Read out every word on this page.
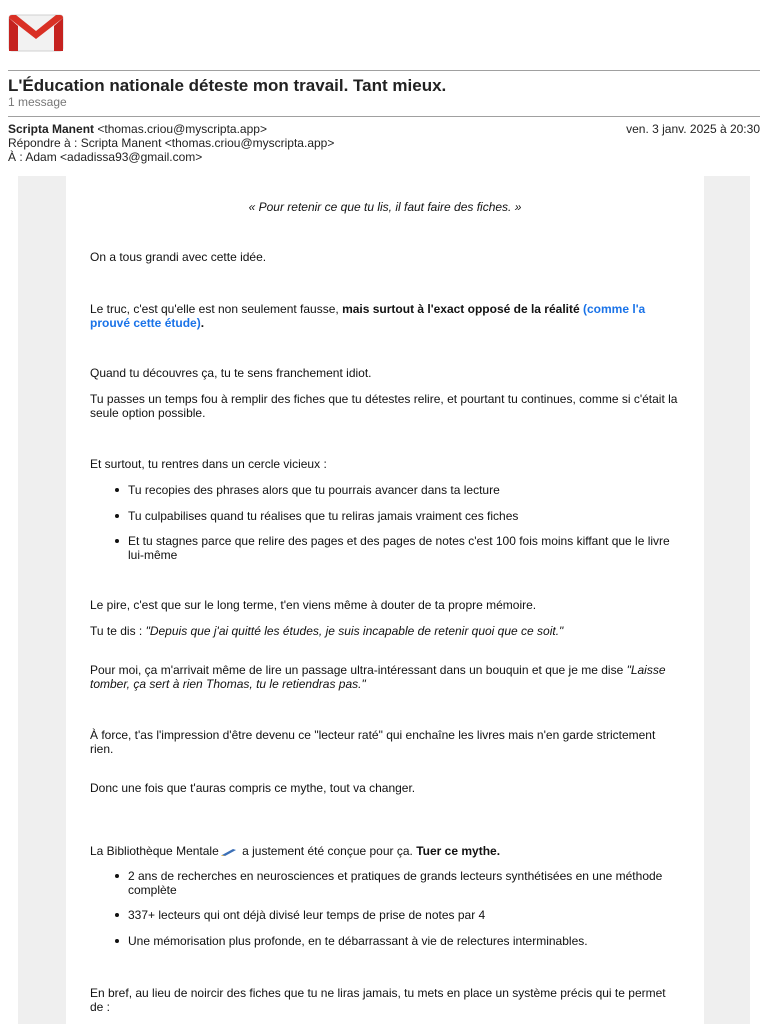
L'Éducation nationale déteste mon travail. Tant mieux.
1 message
Scripta Manent <thomas.criou@myscripta.app>	ven. 3 janv. 2025 à 20:30
Répondre à : Scripta Manent <thomas.criou@myscripta.app>
À : Adam <adadissa93@gmail.com>
« Pour retenir ce que tu lis, il faut faire des fiches. »
On a tous grandi avec cette idée.
Le truc, c'est qu'elle est non seulement fausse, mais surtout à l'exact opposé de la réalité (comme l'a prouvé cette étude).
Quand tu découvres ça, tu te sens franchement idiot.
Tu passes un temps fou à remplir des fiches que tu détestes relire, et pourtant tu continues, comme si c'était la seule option possible.
Et surtout, tu rentres dans un cercle vicieux :
Tu recopies des phrases alors que tu pourrais avancer dans ta lecture
Tu culpabilises quand tu réalises que tu reliras jamais vraiment ces fiches
Et tu stagnes parce que relire des pages et des pages de notes c'est 100 fois moins kiffant que le livre lui-même
Le pire, c'est que sur le long terme, t'en viens même à douter de ta propre mémoire.
Tu te dis : "Depuis que j'ai quitté les études, je suis incapable de retenir quoi que ce soit."
Pour moi, ça m'arrivait même de lire un passage ultra-intéressant dans un bouquin et que je me dise "Laisse tomber, ça sert à rien Thomas, tu le retiendras pas."
À force, t'as l'impression d'être devenu ce "lecteur raté" qui enchaîne les livres mais n'en garde strictement rien.
Donc une fois que t'auras compris ce mythe, tout va changer.
La Bibliothèque Mentale a justement été conçue pour ça. Tuer ce mythe.
2 ans de recherches en neurosciences et pratiques de grands lecteurs synthétisées en une méthode complète
337+ lecteurs qui ont déjà divisé leur temps de prise de notes par 4
Une mémorisation plus profonde, en te débarrassant à vie de relectures interminables.
En bref, au lieu de noircir des fiches que tu ne liras jamais, tu mets en place un système précis qui te permet de :
